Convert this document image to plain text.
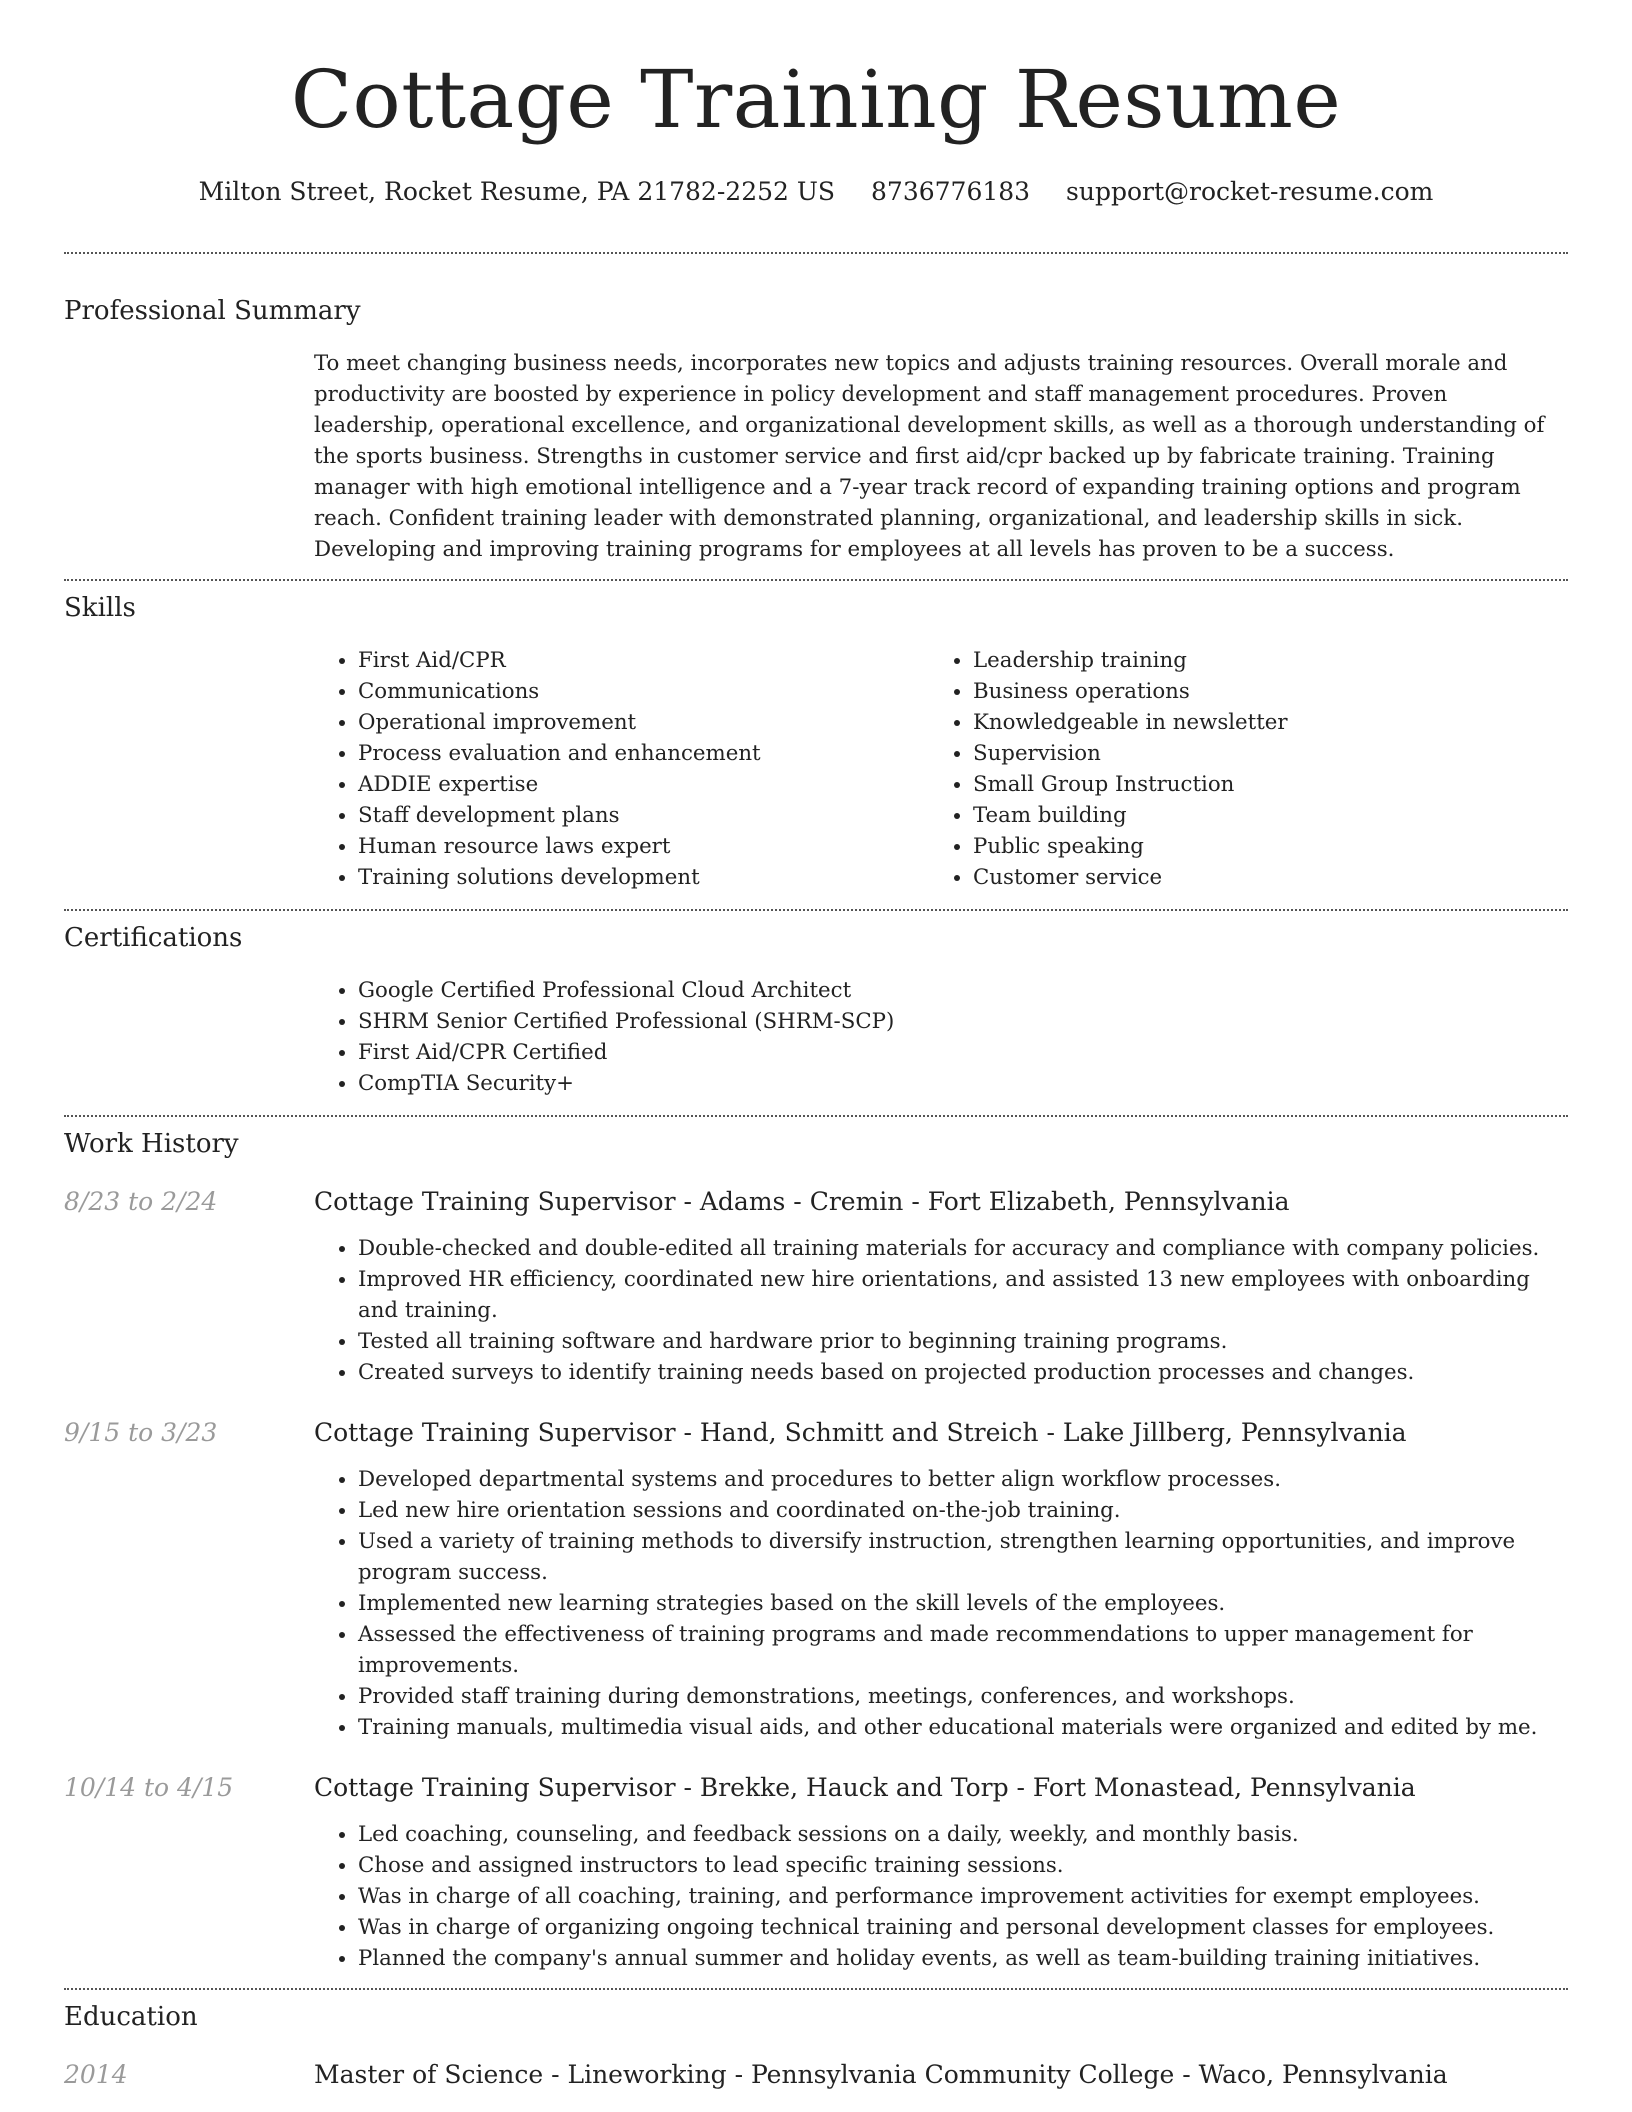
Cottage Training Resume
Milton Street, Rocket Resume, PA 21782-2252 US 8736776183 support@rocket-resume.com
Professional Summary
To meet changing business needs, incorporates new topics and adjusts training resources. Overall morale and productivity are boosted by experience in policy development and staff management procedures. Proven leadership, operational excellence, and organizational development skills, as well as a thorough understanding of the sports business. Strengths in customer service and first aid/cpr backed up by fabricate training. Training manager with high emotional intelligence and a 7-year track record of expanding training options and program reach. Confident training leader with demonstrated planning, organizational, and leadership skills in sick. Developing and improving training programs for employees at all levels has proven to be a success.
Skills
• First Aid/CPR
• Communications
• Operational improvement
• Process evaluation and enhancement
• ADDIE expertise
• Staff development plans
• Human resource laws expert
• Training solutions development
• Leadership training
• Business operations
• Knowledgeable in newsletter
• Supervision
• Small Group Instruction
• Team building
• Public speaking
• Customer service
Certifications
• Google Certified Professional Cloud Architect
• SHRM Senior Certified Professional (SHRM-SCP)
• First Aid/CPR Certified
• CompTIA Security+
Work History
8/23 to 2/24	Cottage Training Supervisor - Adams - Cremin - Fort Elizabeth, Pennsylvania
• Double-checked and double-edited all training materials for accuracy and compliance with company policies.
• Improved HR efficiency, coordinated new hire orientations, and assisted 13 new employees with onboarding and training.
• Tested all training software and hardware prior to beginning training programs.
• Created surveys to identify training needs based on projected production processes and changes.
9/15 to 3/23	Cottage Training Supervisor - Hand, Schmitt and Streich - Lake Jillberg, Pennsylvania
• Developed departmental systems and procedures to better align workflow processes.
• Led new hire orientation sessions and coordinated on-the-job training.
• Used a variety of training methods to diversify instruction, strengthen learning opportunities, and improve program success.
• Implemented new learning strategies based on the skill levels of the employees.
• Assessed the effectiveness of training programs and made recommendations to upper management for improvements.
• Provided staff training during demonstrations, meetings, conferences, and workshops.
• Training manuals, multimedia visual aids, and other educational materials were organized and edited by me.
10/14 to 4/15	Cottage Training Supervisor - Brekke, Hauck and Torp - Fort Monastead, Pennsylvania
• Led coaching, counseling, and feedback sessions on a daily, weekly, and monthly basis.
• Chose and assigned instructors to lead specific training sessions.
• Was in charge of all coaching, training, and performance improvement activities for exempt employees.
• Was in charge of organizing ongoing technical training and personal development classes for employees.
• Planned the company's annual summer and holiday events, as well as team-building training initiatives.
Education
2014	Master of Science - Lineworking - Pennsylvania Community College - Waco, Pennsylvania
